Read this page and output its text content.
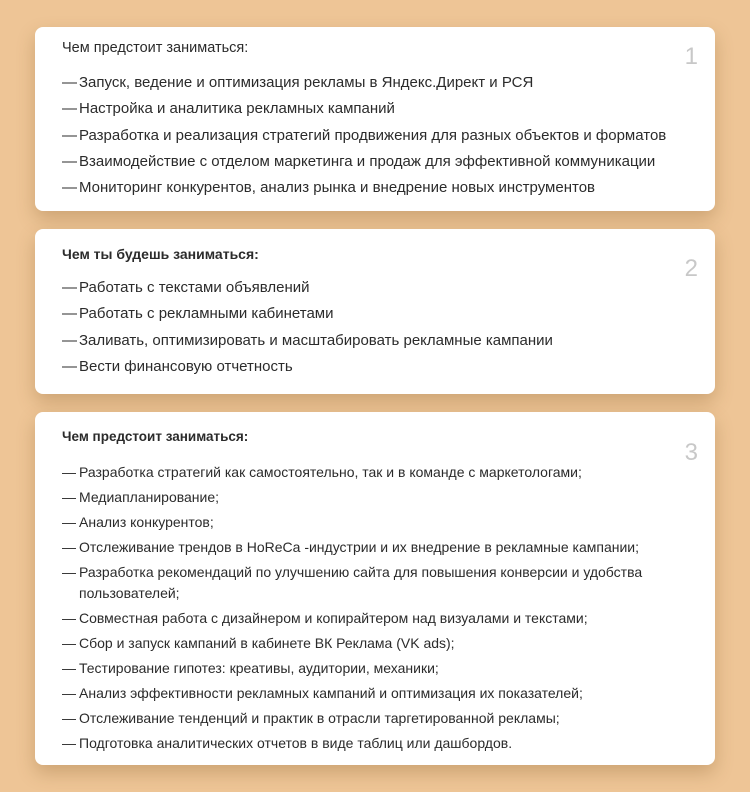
Чем предстоит заниматься:	1
— Запуск, ведение и оптимизация рекламы в Яндекс.Директ и РСЯ
— Настройка и аналитика рекламных кампаний
— Разработка и реализация стратегий продвижения для разных объектов и форматов
— Взаимодействие с отделом маркетинга и продаж для эффективной коммуникации
— Мониторинг конкурентов, анализ рынка и внедрение новых инструментов
Чем ты будешь заниматься:
2
— Работать с текстами объявлений
— Работать с рекламными кабинетами
— Заливать, оптимизировать и масштабировать рекламные кампании
— Вести финансовую отчетность
Чем предстоит заниматься:
3
— Разработка стратегий как самостоятельно, так и в команде с маркетологами;
— Медиапланирование;
— Анализ конкурентов;
— Отслеживание трендов в HoReCa -индустрии и их внедрение в рекламные кампании;
— Разработка рекомендаций по улучшению сайта для повышения конверсии и удобства пользователей;
— Совместная работа с дизайнером и копирайтером над визуалами и текстами;
— Сбор и запуск кампаний в кабинете ВК Реклама (VK ads);
— Тестирование гипотез: креативы, аудитории, механики;
— Анализ эффективности рекламных кампаний и оптимизация их показателей;
— Отслеживание тенденций и практик в отрасли таргетированной рекламы;
— Подготовка аналитических отчетов в виде таблиц или дашбордов.
